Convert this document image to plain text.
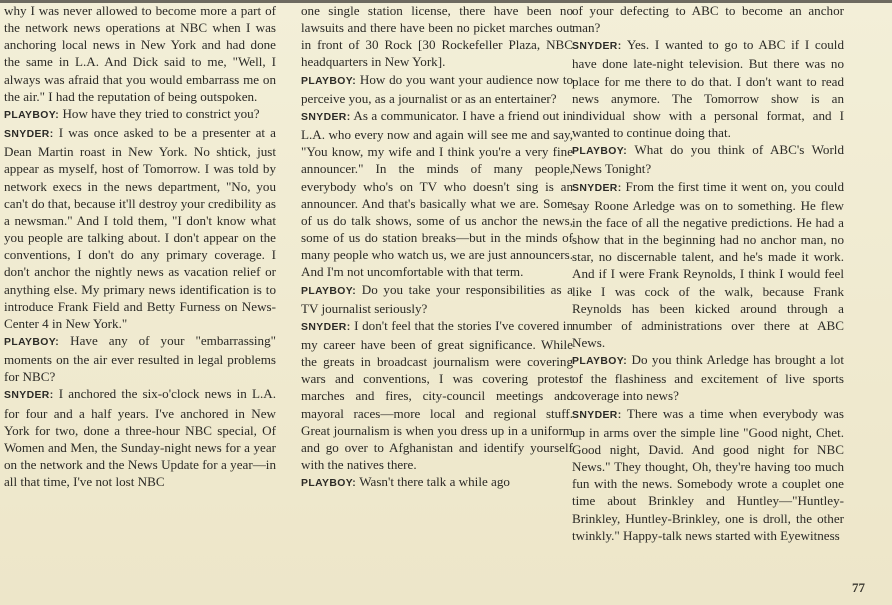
why I was never allowed to become more a part of the network news operations at NBC when I was anchoring local news in New York and had done the same in L.A. And Dick said to me, "Well, I always was afraid that you would embarrass me on the air." I had the reputation of being outspoken.

PLAYBOY: How have they tried to constrict you?

SNYDER: I was once asked to be a presenter at a Dean Martin roast in New York. No shtick, just appear as myself, host of Tomorrow. I was told by network execs in the news department, "No, you can't do that, because it'll destroy your credibility as a newsman." And I told them, "I don't know what you people are talking about. I don't appear on the conventions, I don't do any primary coverage. I don't anchor the nightly news as vacation relief or anything else. My primary news identification is to introduce Frank Field and Betty Furness on News-Center 4 in New York."

PLAYBOY: Have any of your "embarrassing" moments on the air ever resulted in legal problems for NBC?

SNYDER: I anchored the six-o'clock news in L.A. for four and a half years. I've anchored in New York for two, done a three-hour NBC special, Of Women and Men, the Sunday-night news for a year on the network and the News Update for a year—in all that time, I've not lost NBC

one single station license, there have been no lawsuits and there have been no picket marches out in front of 30 Rock [30 Rockefeller Plaza, NBC headquarters in New York].

PLAYBOY: How do you want your audience now to perceive you, as a journalist or as an entertainer?

SNYDER: As a communicator. I have a friend out in L.A. who every now and again will see me and say, "You know, my wife and I think you're a very fine announcer." In the minds of many people, everybody who's on TV who doesn't sing is an announcer. And that's basically what we are. Some of us do talk shows, some of us anchor the news, some of us do station breaks—but in the minds of many people who watch us, we are just announcers. And I'm not uncomfortable with that term.

PLAYBOY: Do you take your responsibilities as a TV journalist seriously?

SNYDER: I don't feel that the stories I've covered in my career have been of great significance. While the greats in broadcast journalism were covering wars and conventions, I was covering protest marches and fires, city-council meetings and mayoral races—more local and regional stuff. Great journalism is when you dress up in a uniform and go over to Afghanistan and identify yourself with the natives there.

PLAYBOY: Wasn't there talk a while ago

of your defecting to ABC to become an anchor man?

SNYDER: Yes. I wanted to go to ABC if I could have done late-night television. But there was no place for me there to do that. I don't want to read news anymore. The Tomorrow show is an individual show with a personal format, and I wanted to continue doing that.

PLAYBOY: What do you think of ABC's World News Tonight?

SNYDER: From the first time it went on, you could say Roone Arledge was on to something. He flew in the face of all the negative predictions. He had a show that in the beginning had no anchor man, no star, no discernable talent, and he's made it work. And if I were Frank Reynolds, I think I would feel like I was cock of the walk, because Frank Reynolds has been kicked around through a number of administrations over there at ABC News.

PLAYBOY: Do you think Arledge has brought a lot of the flashiness and excitement of live sports coverage into news?

SNYDER: There was a time when everybody was up in arms over the simple line "Good night, Chet. Good night, David. And good night for NBC News." They thought, Oh, they're having too much fun with the news. Somebody wrote a couplet one time about Brinkley and Huntley—"Huntley-Brinkley, Huntley-Brinkley, one is droll, the other twinkly." Happy-talk news started with Eyewitness

77
